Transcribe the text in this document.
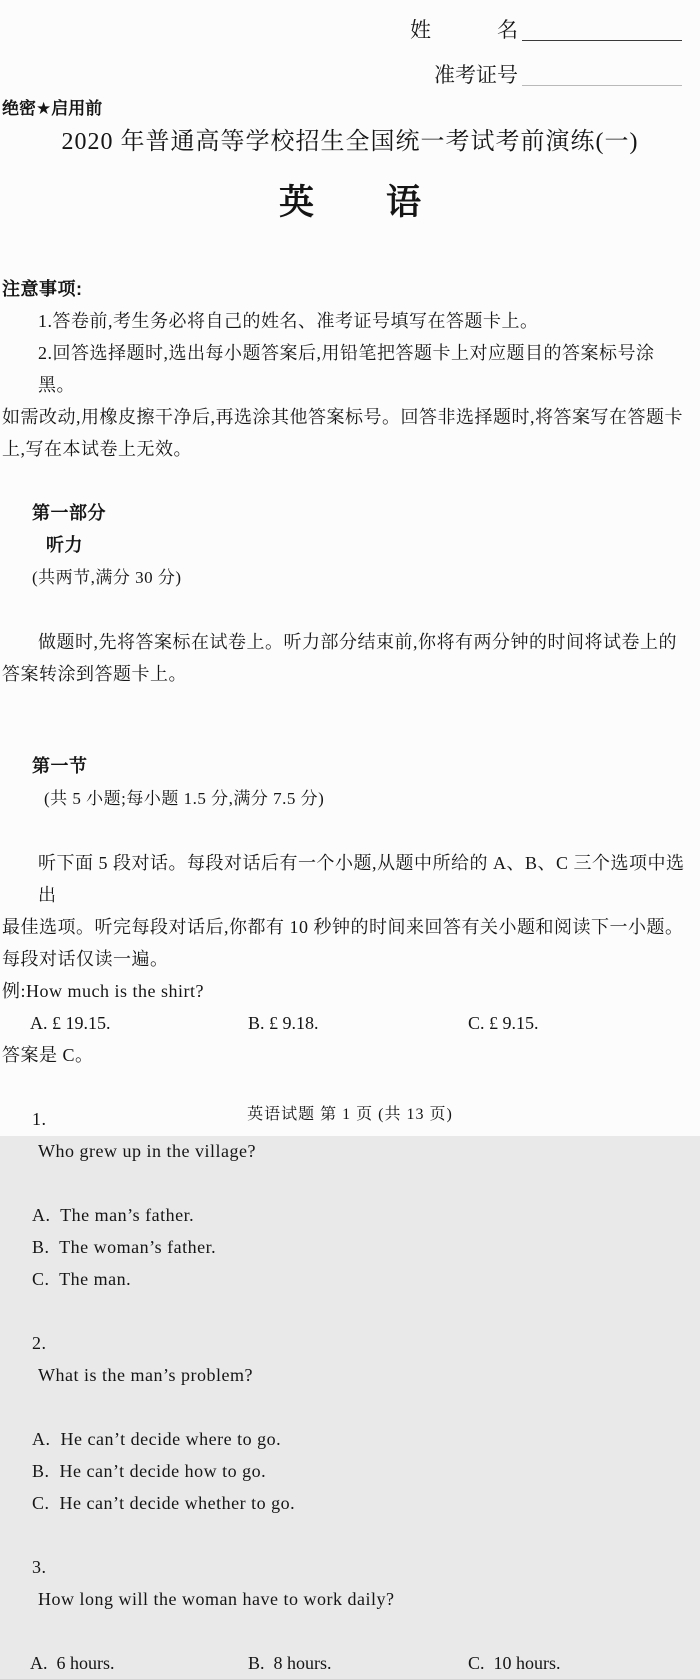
炎德文化
版权所有
翻印必究
姓	名
准考证号
绝密★启用前
2020 年普通高等学校招生全国统一考试考前演练(一)
英 语
注意事项:
1.答卷前,考生务必将自己的姓名、准考证号填写在答题卡上。
2.回答选择题时,选出每小题答案后,用铅笔把答题卡上对应题目的答案标号涂黑。
如需改动,用橡皮擦干净后,再选涂其他答案标号。回答非选择题时,将答案写在答题卡
上,写在本试卷上无效。

第一部分
听力
(共两节,满分 30 分)

做题时,先将答案标在试卷上。听力部分结束前,你将有两分钟的时间将试卷上的
答案转涂到答题卡上。

第一节
(共 5 小题;每小题 1.5 分,满分 7.5 分)

听下面 5 段对话。每段对话后有一个小题,从题中所给的 A、B、C 三个选项中选出
最佳选项。听完每段对话后,你都有 10 秒钟的时间来回答有关小题和阅读下一小题。
每段对话仅读一遍。
例:How much is the shirt?
A. £ 19.15.	B. £ 9.18.	C. £ 9.15.
答案是 C。

1.
Who grew up in the village?

A.  The man’s father.
B.  The woman’s father.
C.  The man.

2.
What is the man’s problem?

A.  He can’t decide where to go.
B.  He can’t decide how to go.
C.  He can’t decide whether to go.

3.
How long will the woman have to work daily?

A.  6 hours.	B.  8 hours.	C.  10 hours.
英语试题 第 1 页 (共 13 页)
